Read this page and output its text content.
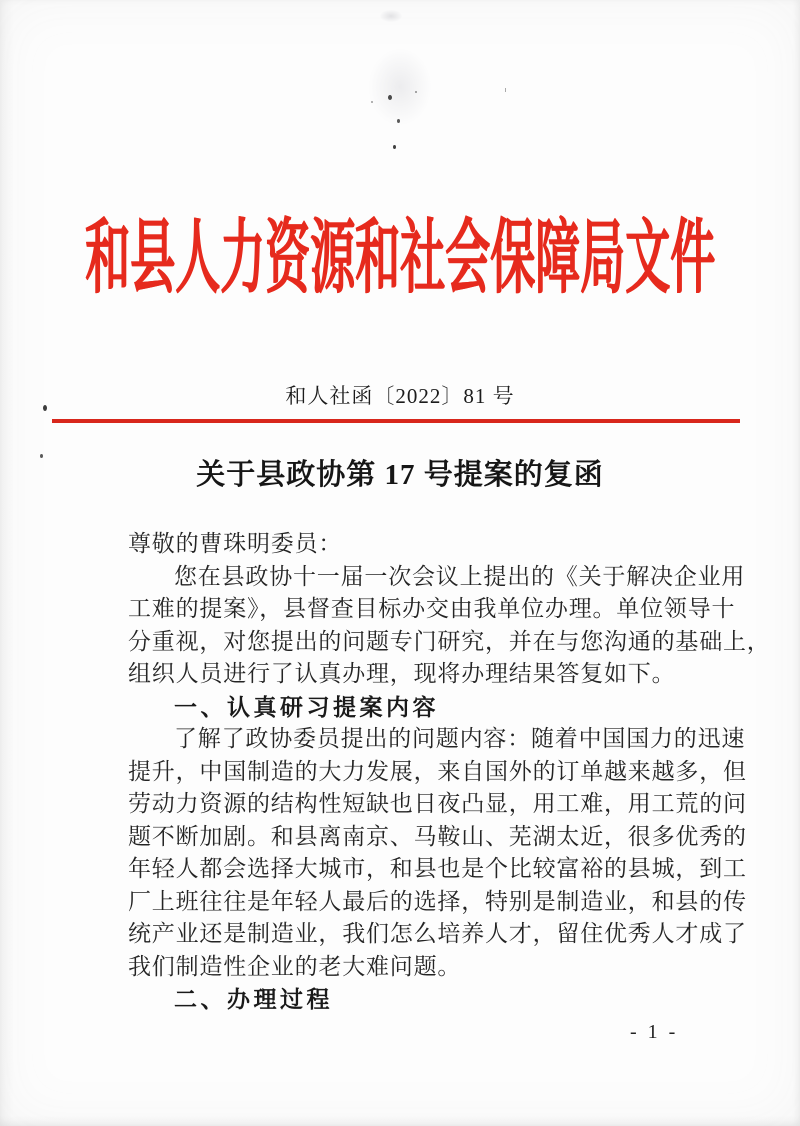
和县人力资源和社会保障局文件
和人社函〔2022〕81 号
关于县政协第 17 号提案的复函
尊敬的曹珠明委员：
您在县政协十一届一次会议上提出的《关于解决企业用
工难的提案》，县督查目标办交由我单位办理。单位领导十
分重视，对您提出的问题专门研究，并在与您沟通的基础上，
组织人员进行了认真办理，现将办理结果答复如下。
一、认真研习提案内容
了解了政协委员提出的问题内容：随着中国国力的迅速
提升，中国制造的大力发展，来自国外的订单越来越多，但
劳动力资源的结构性短缺也日夜凸显，用工难，用工荒的问
题不断加剧。和县离南京、马鞍山、芜湖太近，很多优秀的
年轻人都会选择大城市，和县也是个比较富裕的县城，到工
厂上班往往是年轻人最后的选择，特别是制造业，和县的传
统产业还是制造业，我们怎么培养人才，留住优秀人才成了
我们制造性企业的老大难问题。
二、办理过程
- 1 -
